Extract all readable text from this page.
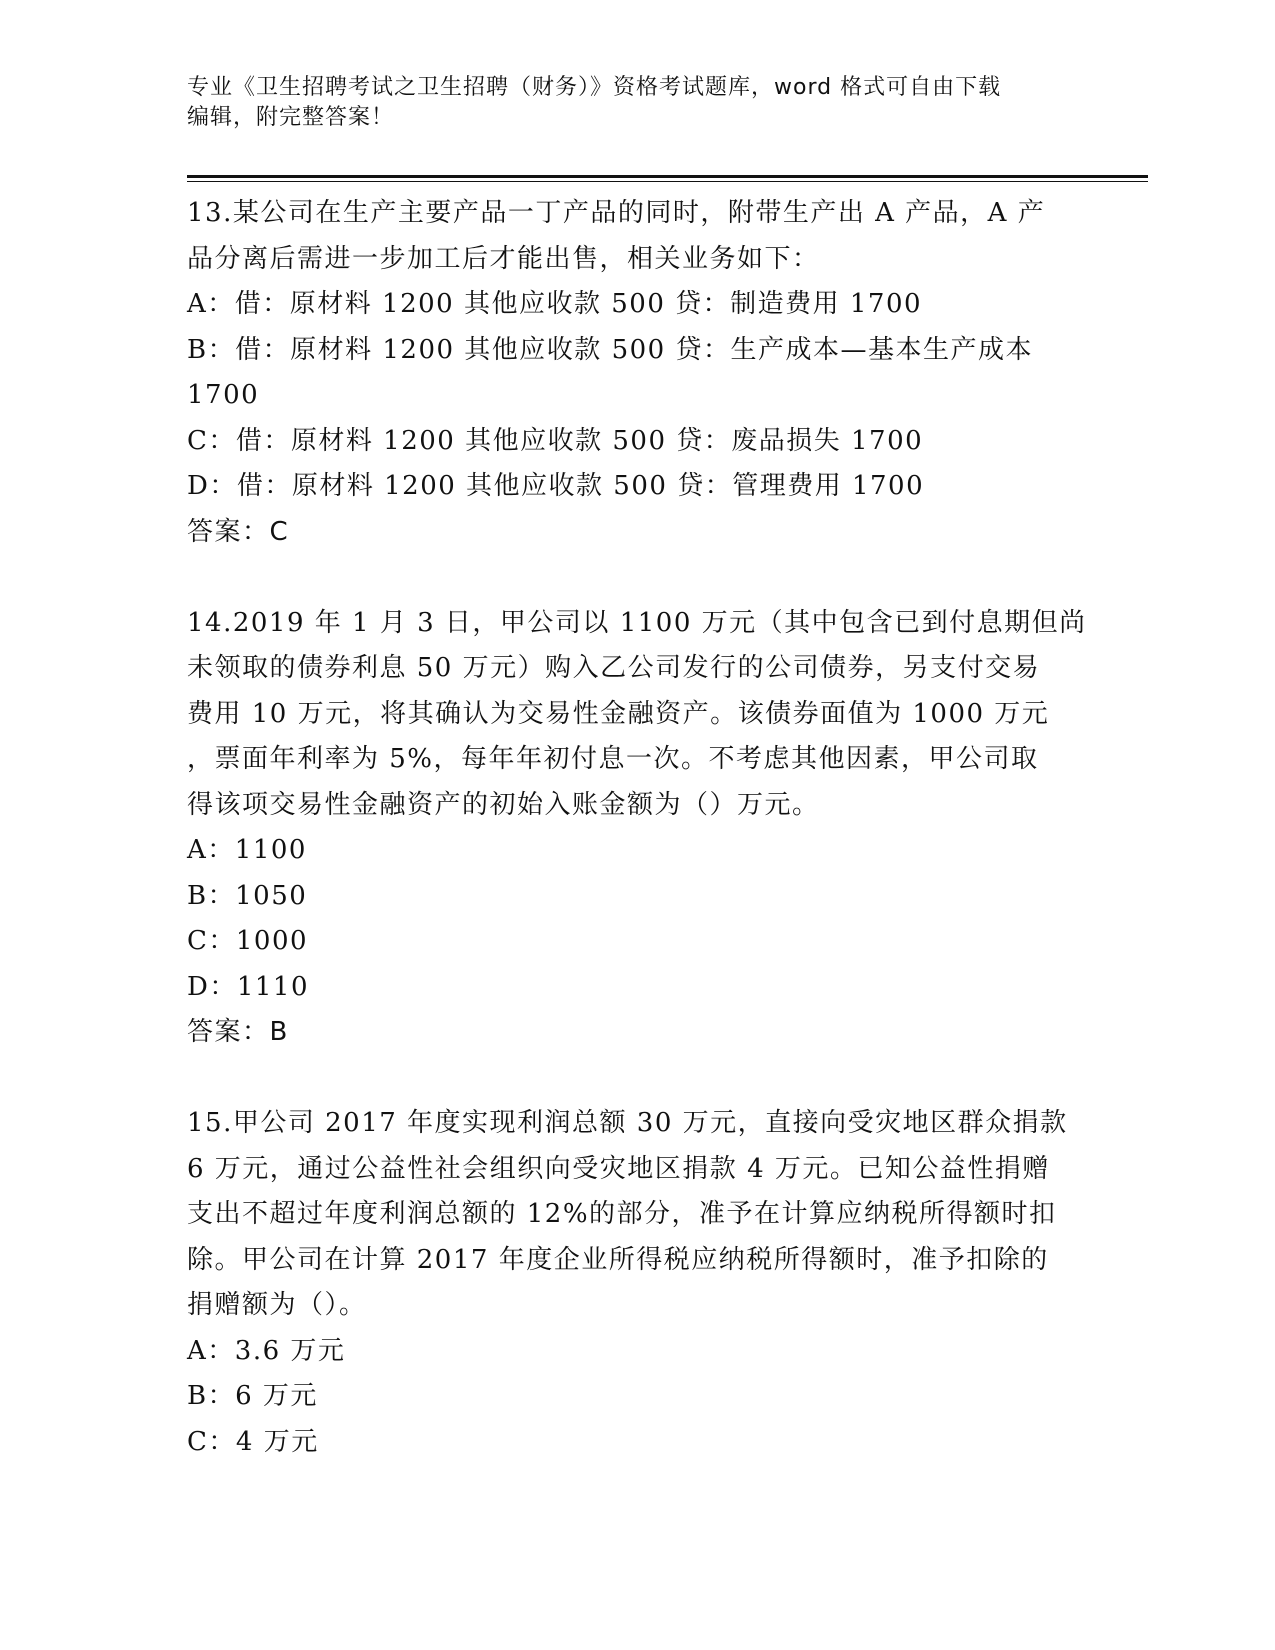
专业《卫生招聘考试之卫生招聘（财务）》资格考试题库，word 格式可自由下载
编辑，附完整答案！
13.某公司在生产主要产品一丁产品的同时，附带生产出 A 产品，A 产
品分离后需进一步加工后才能出售，相关业务如下：
A：借：原材料 1200 其他应收款 500 贷：制造费用 1700
B：借：原材料 1200 其他应收款 500 贷：生产成本—基本生产成本
1700
C：借：原材料 1200 其他应收款 500 贷：废品损失 1700
D：借：原材料 1200 其他应收款 500 贷：管理费用 1700
答案：C
14.2019 年 1 月 3 日，甲公司以 1100 万元（其中包含已到付息期但尚
未领取的债券利息 50 万元）购入乙公司发行的公司债券，另支付交易
费用 10 万元，将其确认为交易性金融资产。该债券面值为 1000 万元
，票面年利率为 5%，每年年初付息一次。不考虑其他因素，甲公司取
得该项交易性金融资产的初始入账金额为（）万元。
A：1100
B：1050
C：1000
D：1110
答案：B
15.甲公司 2017 年度实现利润总额 30 万元，直接向受灾地区群众捐款
6 万元，通过公益性社会组织向受灾地区捐款 4 万元。已知公益性捐赠
支出不超过年度利润总额的 12%的部分，准予在计算应纳税所得额时扣
除。甲公司在计算 2017 年度企业所得税应纳税所得额时，准予扣除的
捐赠额为（）。
A：3.6 万元
B：6 万元
C：4 万元
